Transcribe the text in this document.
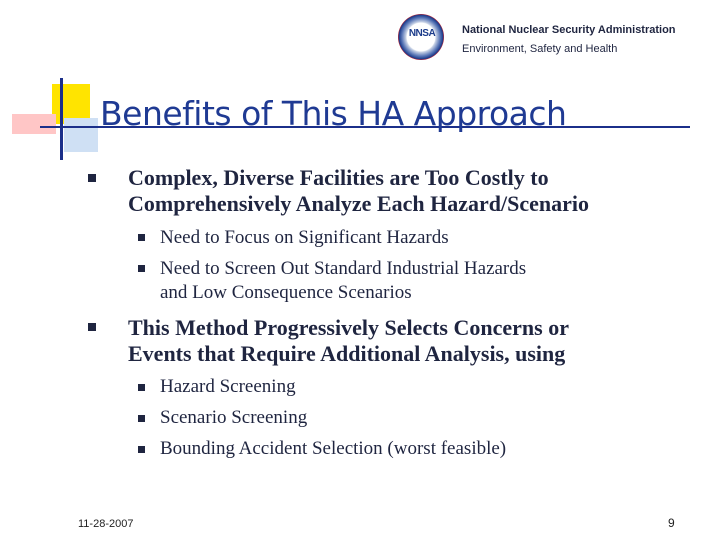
NNSA	National Nuclear Security Administration
Environment, Safety and Health
Benefits of This HA Approach
Complex, Diverse Facilities are Too Costly to
Comprehensively Analyze Each Hazard/Scenario
Need to Focus on Significant Hazards
Need to Screen Out Standard Industrial Hazards
and Low Consequence Scenarios
This Method Progressively Selects Concerns or
Events that Require Additional Analysis, using
Hazard Screening
Scenario Screening
Bounding Accident Selection (worst feasible)
11-28-2007	9
